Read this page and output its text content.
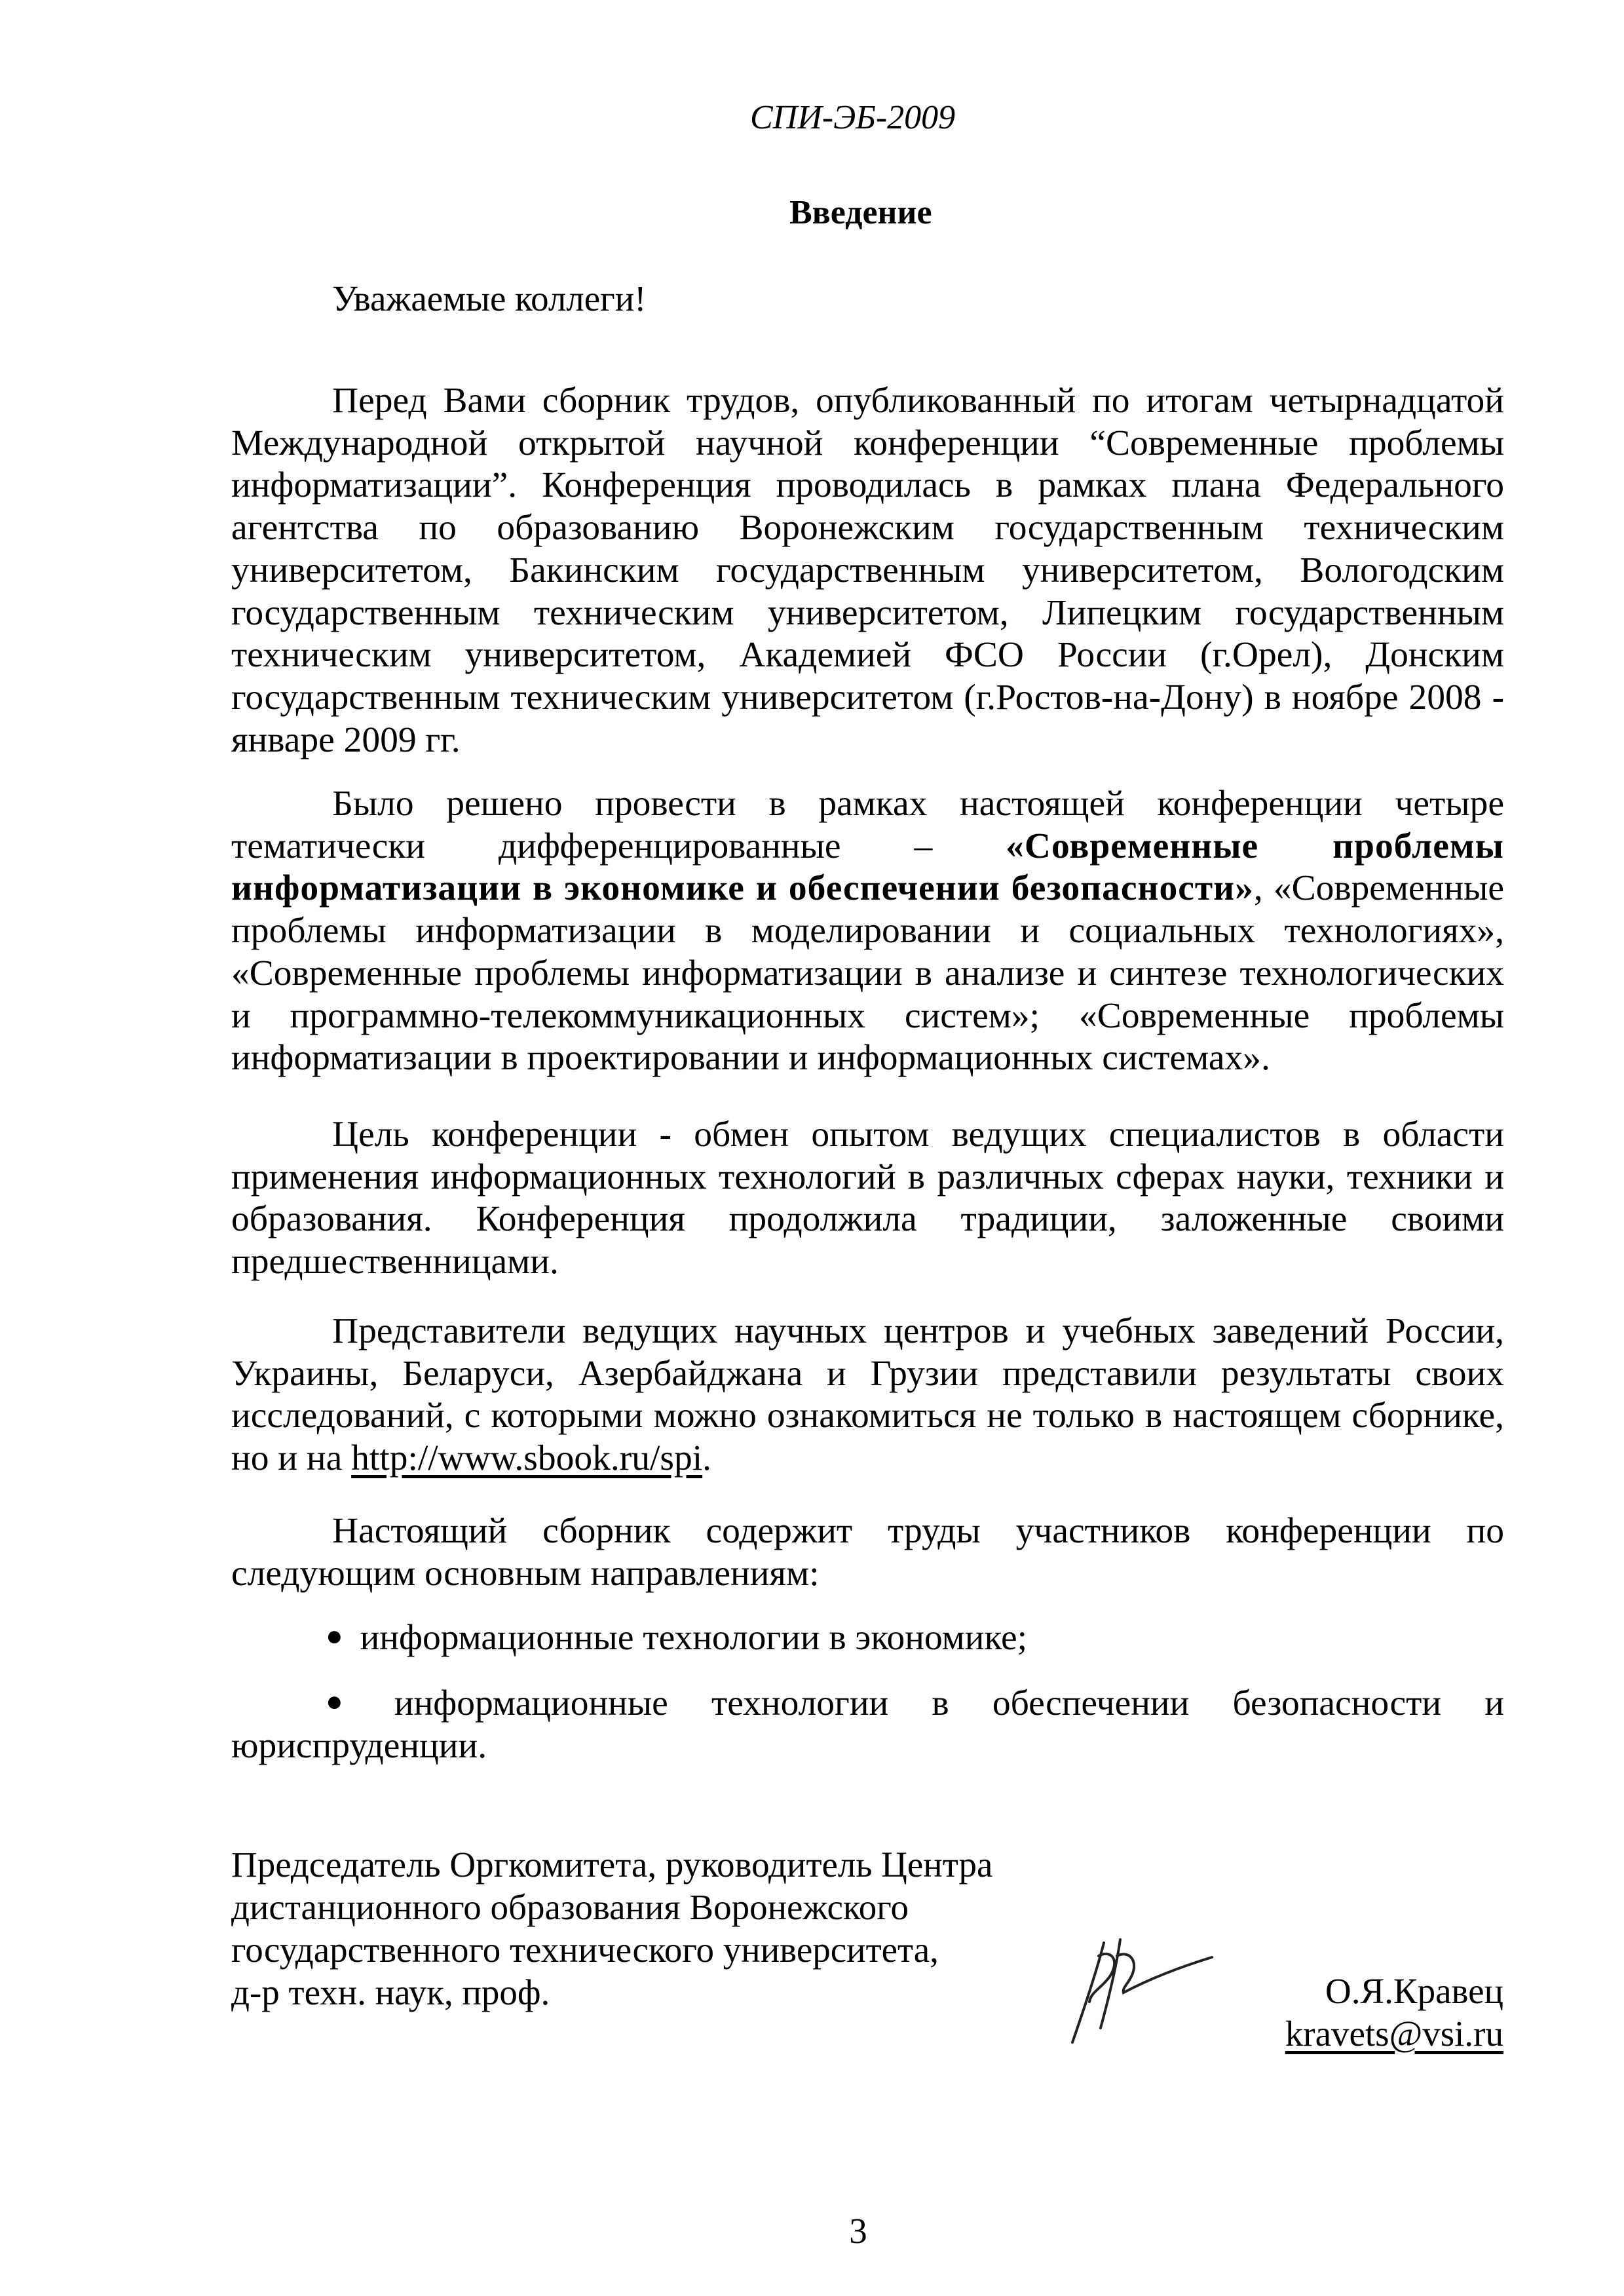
СПИ-ЭБ-2009
Введение
Уважаемые коллеги!

Перед Вами сборник трудов, опубликованный по итогам четырнадцатой Международной открытой научной конференции “Современные проблемы информатизации”. Конференция проводилась в рамках плана Федерального агентства по образованию Воронежским государственным техническим университетом, Бакинским государственным университетом, Вологодским государственным техническим университетом, Липецким государственным техническим университетом, Академией ФСО России (г.Орел), Донским государственным техническим университетом (г.Ростов-на-Дону) в ноябре 2008 - январе 2009 гг.

Было решено провести в рамках настоящей конференции четыре тематически дифференцированные – «Современные проблемы информатизации в экономике и обеспечении безопасности», «Современные проблемы информатизации в моделировании и социальных технологиях», «Современные проблемы информатизации в анализе и синтезе технологических и программно-телекоммуникационных систем»; «Современные проблемы информатизации в проектировании и информационных системах».

Цель конференции - обмен опытом ведущих специалистов в области применения информационных технологий в различных сферах науки, техники и образования. Конференция продолжила традиции, заложенные своими предшественницами.

Представители ведущих научных центров и учебных заведений России, Украины, Беларуси, Азербайджана и Грузии представили результаты своих исследований, с которыми можно ознакомиться не только в настоящем сборнике, но и на http://www.sbook.ru/spi.

Настоящий сборник содержит труды участников конференции по следующим основным направлениям:

● информационные технологии в экономике;

● информационные технологии в обеспечении безопасности и юриспруденции.

Председатель Оргкомитета, руководитель Центра
дистанционного образования Воронежского
государственного технического университета,
д-р техн. наук, проф.	О.Я.Кравец
kravets@vsi.ru
3
